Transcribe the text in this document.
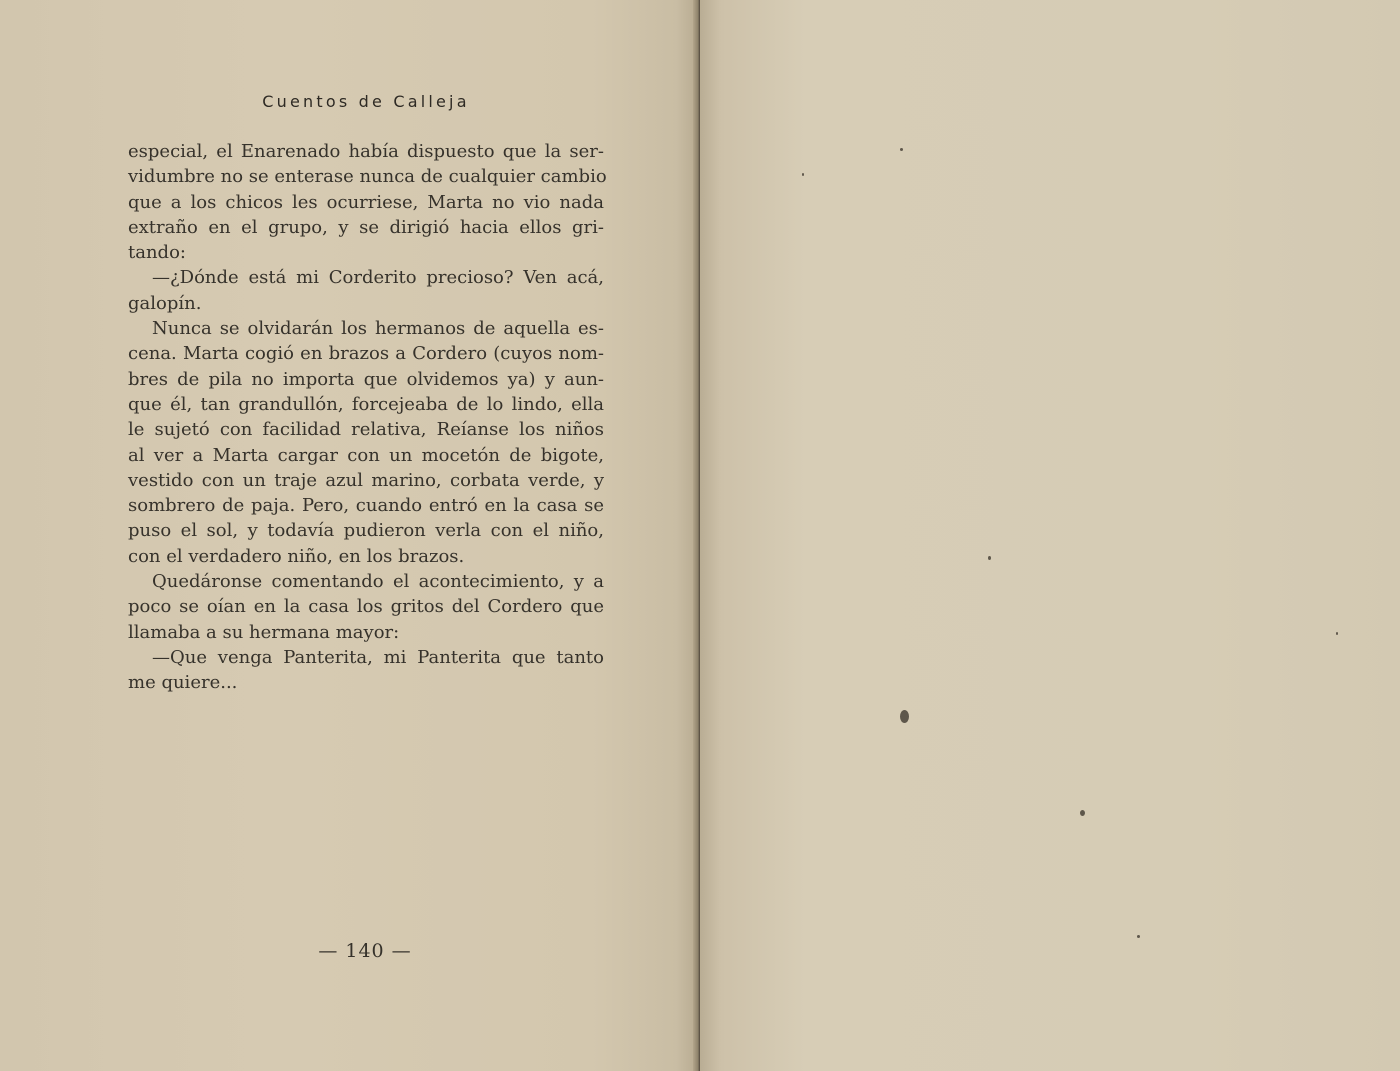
Cuentos de Calleja
especial, el Enarenado había dispuesto que la ser-
vidumbre no se enterase nunca de cualquier cambio
que a los chicos les ocurriese, Marta no vio nada
extraño en el grupo, y se dirigió hacia ellos gri-
tando:
—¿Dónde está mi Corderito precioso? Ven acá,
galopín.
Nunca se olvidarán los hermanos de aquella es-
cena. Marta cogió en brazos a Cordero (cuyos nom-
bres de pila no importa que olvidemos ya) y aun-
que él, tan grandullón, forcejeaba de lo lindo, ella
le sujetó con facilidad relativa, Reíanse los niños
al ver a Marta cargar con un mocetón de bigote,
vestido con un traje azul marino, corbata verde, y
sombrero de paja. Pero, cuando entró en la casa se
puso el sol, y todavía pudieron verla con el niño,
con el verdadero niño, en los brazos.
Quedáronse comentando el acontecimiento, y a
poco se oían en la casa los gritos del Cordero que
llamaba a su hermana mayor:
—Que venga Panterita, mi Panterita que tanto
me quiere...
— 140 —
